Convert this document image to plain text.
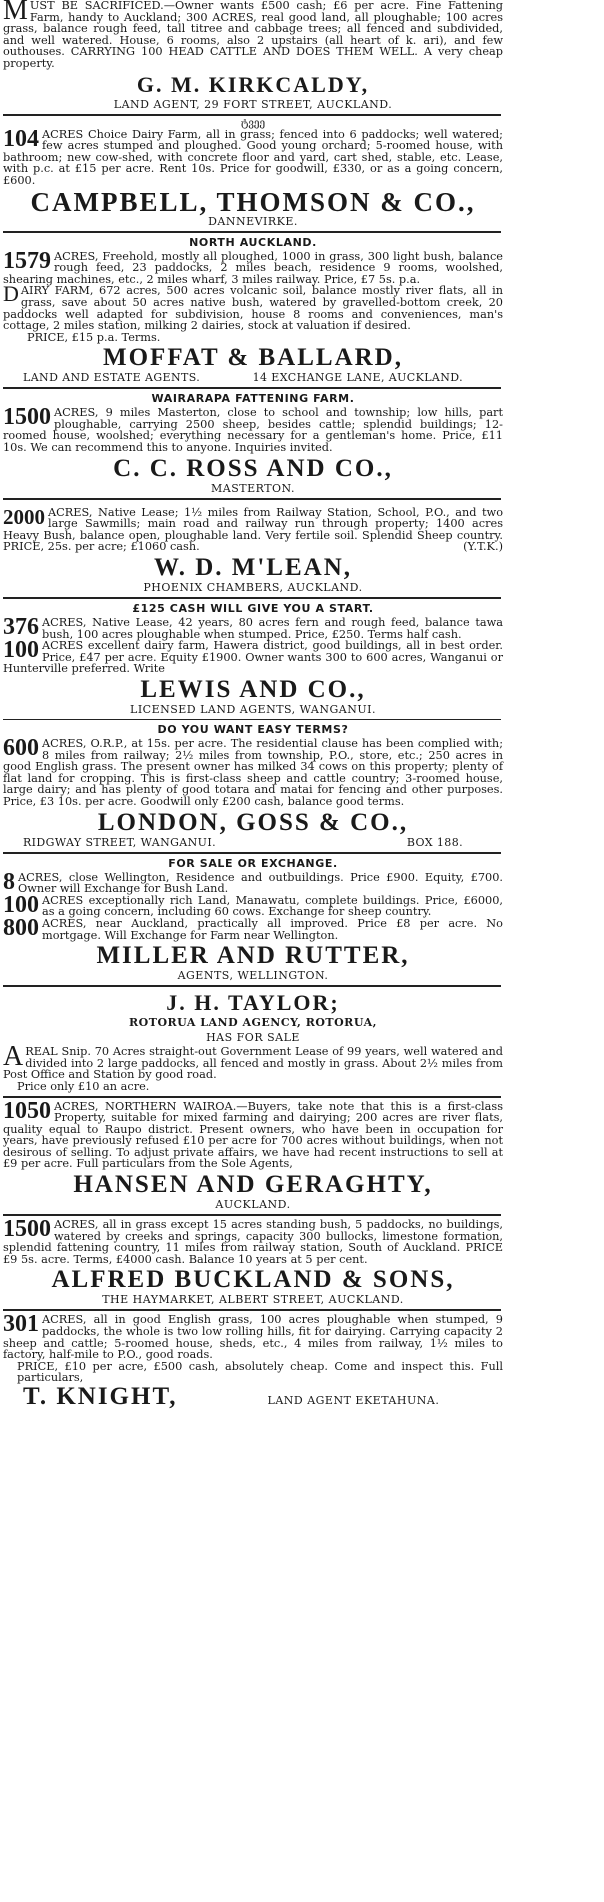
MUST BE SACRIFICED.—Owner wants £500 cash; £6 per acre. Fine Fattening Farm, handy to Auckland; 300 ACRES, real good land, all ploughable; 100 acres grass, balance rough feed, tall titree and cabbage trees; all fenced and subdivided, and well watered. House, 6 rooms, also 2 upstairs (all heart of k. ari), and few outhouses. CARRYING 100 HEAD CATTLE AND DOES THEM WELL. A very cheap property.

G. M. KIRKCALDY,
LAND AGENT, 29 FORT STREET, AUCKLAND.
ტვეე

104 ACRES Choice Dairy Farm, all in grass; fenced into 6 paddocks; well watered; few acres stumped and ploughed. Good young orchard; 5-roomed house, with bathroom; new cow-shed, with concrete floor and yard, cart shed, stable, etc. Lease, with p.c. at £15 per acre. Rent 10s. Price for goodwill, £330, or as a going concern, £600.

CAMPBELL, THOMSON & CO.,
DANNEVIRKE.
NORTH AUCKLAND.

1579 ACRES, Freehold, mostly all ploughed, 1000 in grass, 300 light bush, balance rough feed, 23 paddocks, 2 miles beach, residence 9 rooms, woolshed, shearing machines, etc., 2 miles wharf, 3 miles railway. Price, £7 5s. p.a.

DAIRY FARM, 672 acres, 500 acres volcanic soil, balance mostly river flats, all in grass, save about 50 acres native bush, watered by gravelled-bottom creek, 20 paddocks well adapted for subdivision, house 8 rooms and conveniences, man's cottage, 2 miles station, milking 2 dairies, stock at valuation if desired.

PRICE, £15 p.a. Terms.

MOFFAT & BALLARD,
LAND AND ESTATE AGENTS.	14 EXCHANGE LANE, AUCKLAND.
WAIRARAPA FATTENING FARM.

1500 ACRES, 9 miles Masterton, close to school and township; low hills, part ploughable, carrying 2500 sheep, besides cattle; splendid buildings; 12-roomed house, woolshed; everything necessary for a gentleman's home. Price, £11 10s. We can recommend this to anyone. Inquiries invited.

C. C. ROSS AND CO.,
MASTERTON.

2000 ACRES, Native Lease; 1½ miles from Railway Station, School, P.O., and two large Sawmills; main road and railway run through property; 1400 acres Heavy Bush, balance open, ploughable land. Very fertile soil. Splendid Sheep country. PRICE, 25s. per acre; £1060 cash.	(Y.T.K.)

W. D. M'LEAN,
PHOENIX CHAMBERS, AUCKLAND.
£125 CASH WILL GIVE YOU A START.

376 ACRES, Native Lease, 42 years, 80 acres fern and rough feed, balance tawa bush, 100 acres ploughable when stumped. Price, £250. Terms half cash.

100 ACRES excellent dairy farm, Hawera district, good buildings, all in best order. Price, £47 per acre. Equity £1900. Owner wants 300 to 600 acres, Wanganui or Hunterville preferred. Write

LEWIS AND CO.,
LICENSED LAND AGENTS, WANGANUI.
DO YOU WANT EASY TERMS?

600 ACRES, O.R.P., at 15s. per acre. The residential clause has been complied with; 8 miles from railway; 2½ miles from township, P.O., store, etc.; 250 acres in good English grass. The present owner has milked 34 cows on this property; plenty of flat land for cropping. This is first-class sheep and cattle country; 3-roomed house, large dairy; and has plenty of good totara and matai for fencing and other purposes. Price, £3 10s. per acre. Goodwill only £200 cash, balance good terms.

LONDON, GOSS & CO.,
RIDGWAY STREET, WANGANUI.	BOX 188.
FOR SALE OR EXCHANGE.

8 ACRES, close Wellington, Residence and outbuildings. Price £900. Equity, £700. Owner will Exchange for Bush Land.

100 ACRES exceptionally rich Land, Manawatu, complete buildings. Price, £6000, as a going concern, including 60 cows. Exchange for sheep country.

800 ACRES, near Auckland, practically all improved. Price £8 per acre. No mortgage. Will Exchange for Farm near Wellington.

MILLER AND RUTTER,
AGENTS, WELLINGTON.
J. H. TAYLOR;
ROTORUA LAND AGENCY, ROTORUA,
HAS FOR SALE

AREAL Snip. 70 Acres straight-out Government Lease of 99 years, well watered and divided into 2 large paddocks, all fenced and mostly in grass. About 2½ miles from Post Office and Station by good road.

Price only £10 an acre.

1050 ACRES, NORTHERN WAIROA.—Buyers, take note that this is a first-class Property, suitable for mixed farming and dairying; 200 acres are river flats, quality equal to Raupo district. Present owners, who have been in occupation for years, have previously refused £10 per acre for 700 acres without buildings, when not desirous of selling. To adjust private affairs, we have had recent instructions to sell at £9 per acre. Full particulars from the Sole Agents,

HANSEN AND GERAGHTY,
AUCKLAND.

1500 ACRES, all in grass except 15 acres standing bush, 5 paddocks, no buildings, watered by creeks and springs, capacity 300 bullocks, limestone formation, splendid fattening country, 11 miles from railway station, South of Auckland. PRICE £9 5s. acre. Terms, £4000 cash. Balance 10 years at 5 per cent.

ALFRED BUCKLAND & SONS,
THE HAYMARKET, ALBERT STREET, AUCKLAND.

301 ACRES, all in good English grass, 100 acres ploughable when stumped, 9 paddocks, the whole is two low rolling hills, fit for dairying. Carrying capacity 2 sheep and cattle; 5-roomed house, sheds, etc., 4 miles from railway, 1½ miles to factory, half-mile to P.O., good roads.

PRICE, £10 per acre, £500 cash, absolutely cheap. Come and inspect this. Full particulars,

T. KNIGHT,	LAND AGENT EKETAHUNA.
